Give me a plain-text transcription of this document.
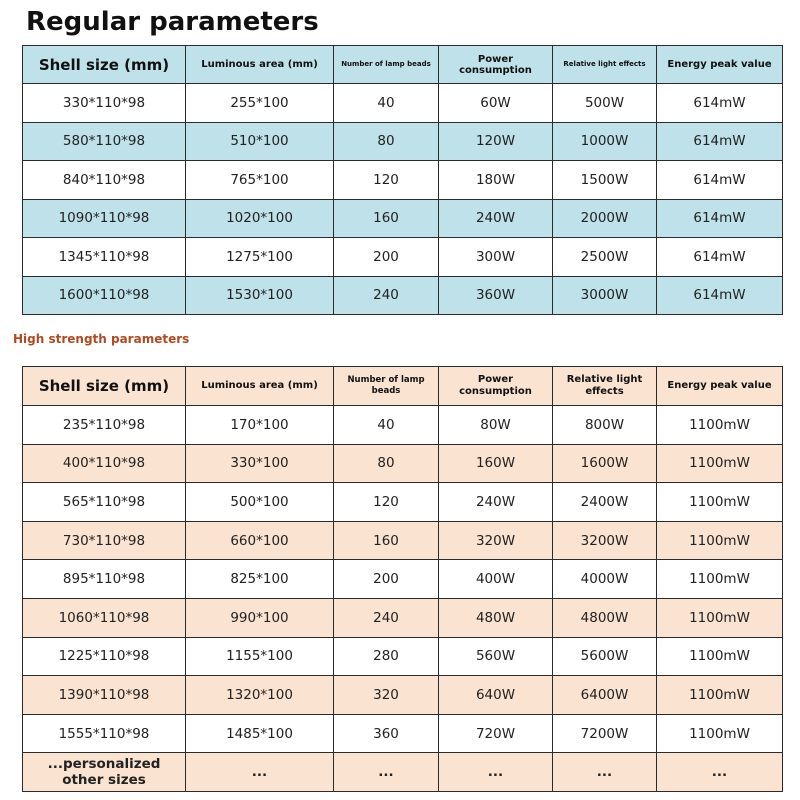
Regular parameters
Shell size (mm)	Luminous area (mm)	Number of lamp beads	Power consumption	Relative light effects	Energy peak value
330*110*98	255*100	40	60W	500W	614mW
580*110*98	510*100	80	120W	1000W	614mW
840*110*98	765*100	120	180W	1500W	614mW
1090*110*98	1020*100	160	240W	2000W	614mW
1345*110*98	1275*100	200	300W	2500W	614mW
1600*110*98	1530*100	240	360W	3000W	614mW
High strength parameters
Shell size (mm)	Luminous area (mm)	Number of lamp beads	Power consumption	Relative light effects	Energy peak value
235*110*98	170*100	40	80W	800W	1100mW
400*110*98	330*100	80	160W	1600W	1100mW
565*110*98	500*100	120	240W	2400W	1100mW
730*110*98	660*100	160	320W	3200W	1100mW
895*110*98	825*100	200	400W	4000W	1100mW
1060*110*98	990*100	240	480W	4800W	1100mW
1225*110*98	1155*100	280	560W	5600W	1100mW
1390*110*98	1320*100	320	640W	6400W	1100mW
1555*110*98	1485*100	360	720W	7200W	1100mW
...personalized other sizes	...	...	...	...	...
